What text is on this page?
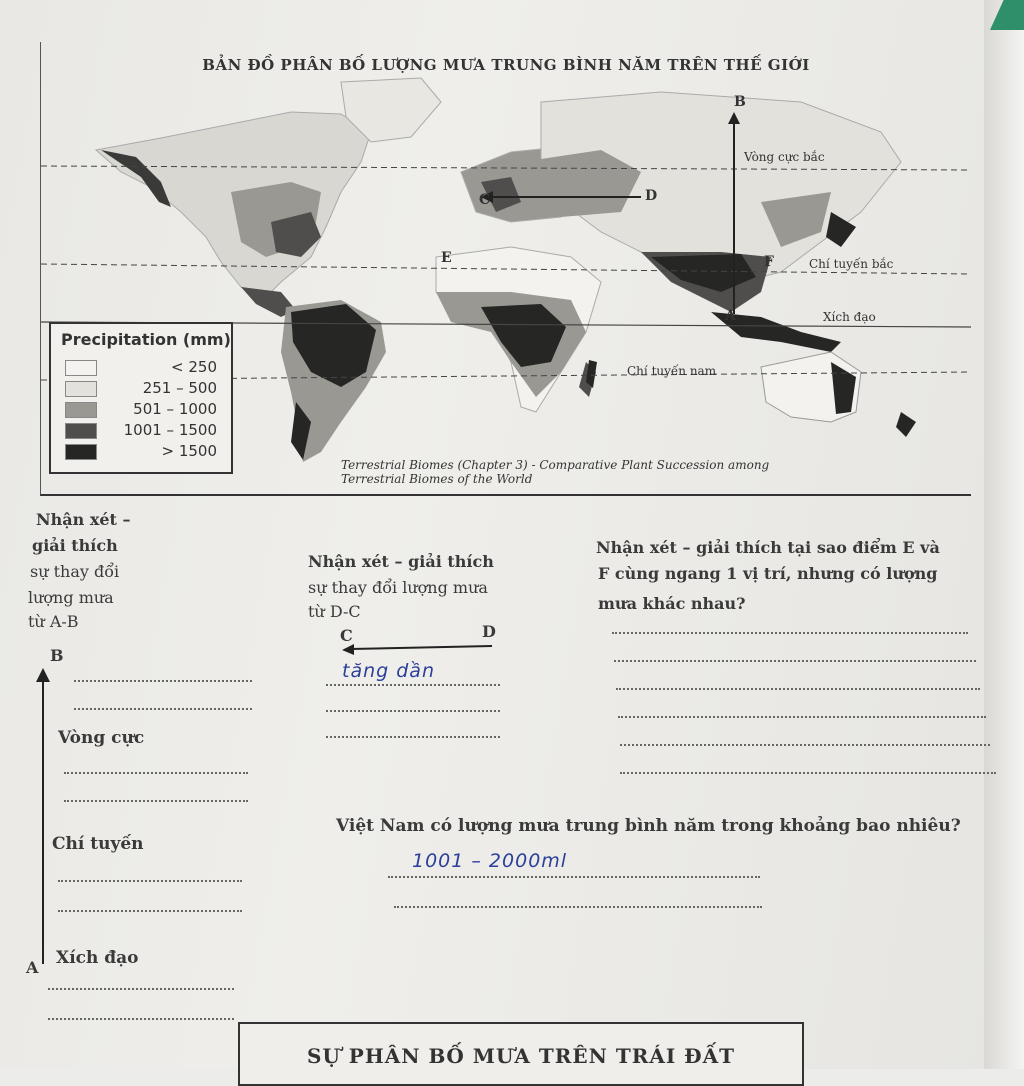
BẢN ĐỒ PHÂN BỐ LƯỢNG MƯA TRUNG BÌNH NĂM TRÊN THẾ GIỚI
B
D
C
E	F
A
Vòng cực bắc
Chí tuyến bắc
Xích đạo
Chí tuyến nam
Precipitation (mm)
< 250
251 – 500
501 – 1000
1001 – 1500
> 1500
Terrestrial Biomes (Chapter 3) - Comparative Plant Succession among
Terrestrial Biomes of the World
Nhận xét –
giải thích
sự thay đổi
lượng mưa
từ A-B
B
A
Vòng cực
Chí tuyến
Xích đạo
Nhận xét – giải thích
sự thay đổi lượng mưa
từ D-C
C	D
tăng dần
Nhận xét – giải thích tại sao điểm E và
F cùng ngang 1 vị trí, nhưng có lượng
mưa khác nhau?
Việt Nam có lượng mưa trung bình năm trong khoảng bao nhiêu?
1001 – 2000ml
SỰ PHÂN BỐ MƯA TRÊN TRÁI ĐẤT
